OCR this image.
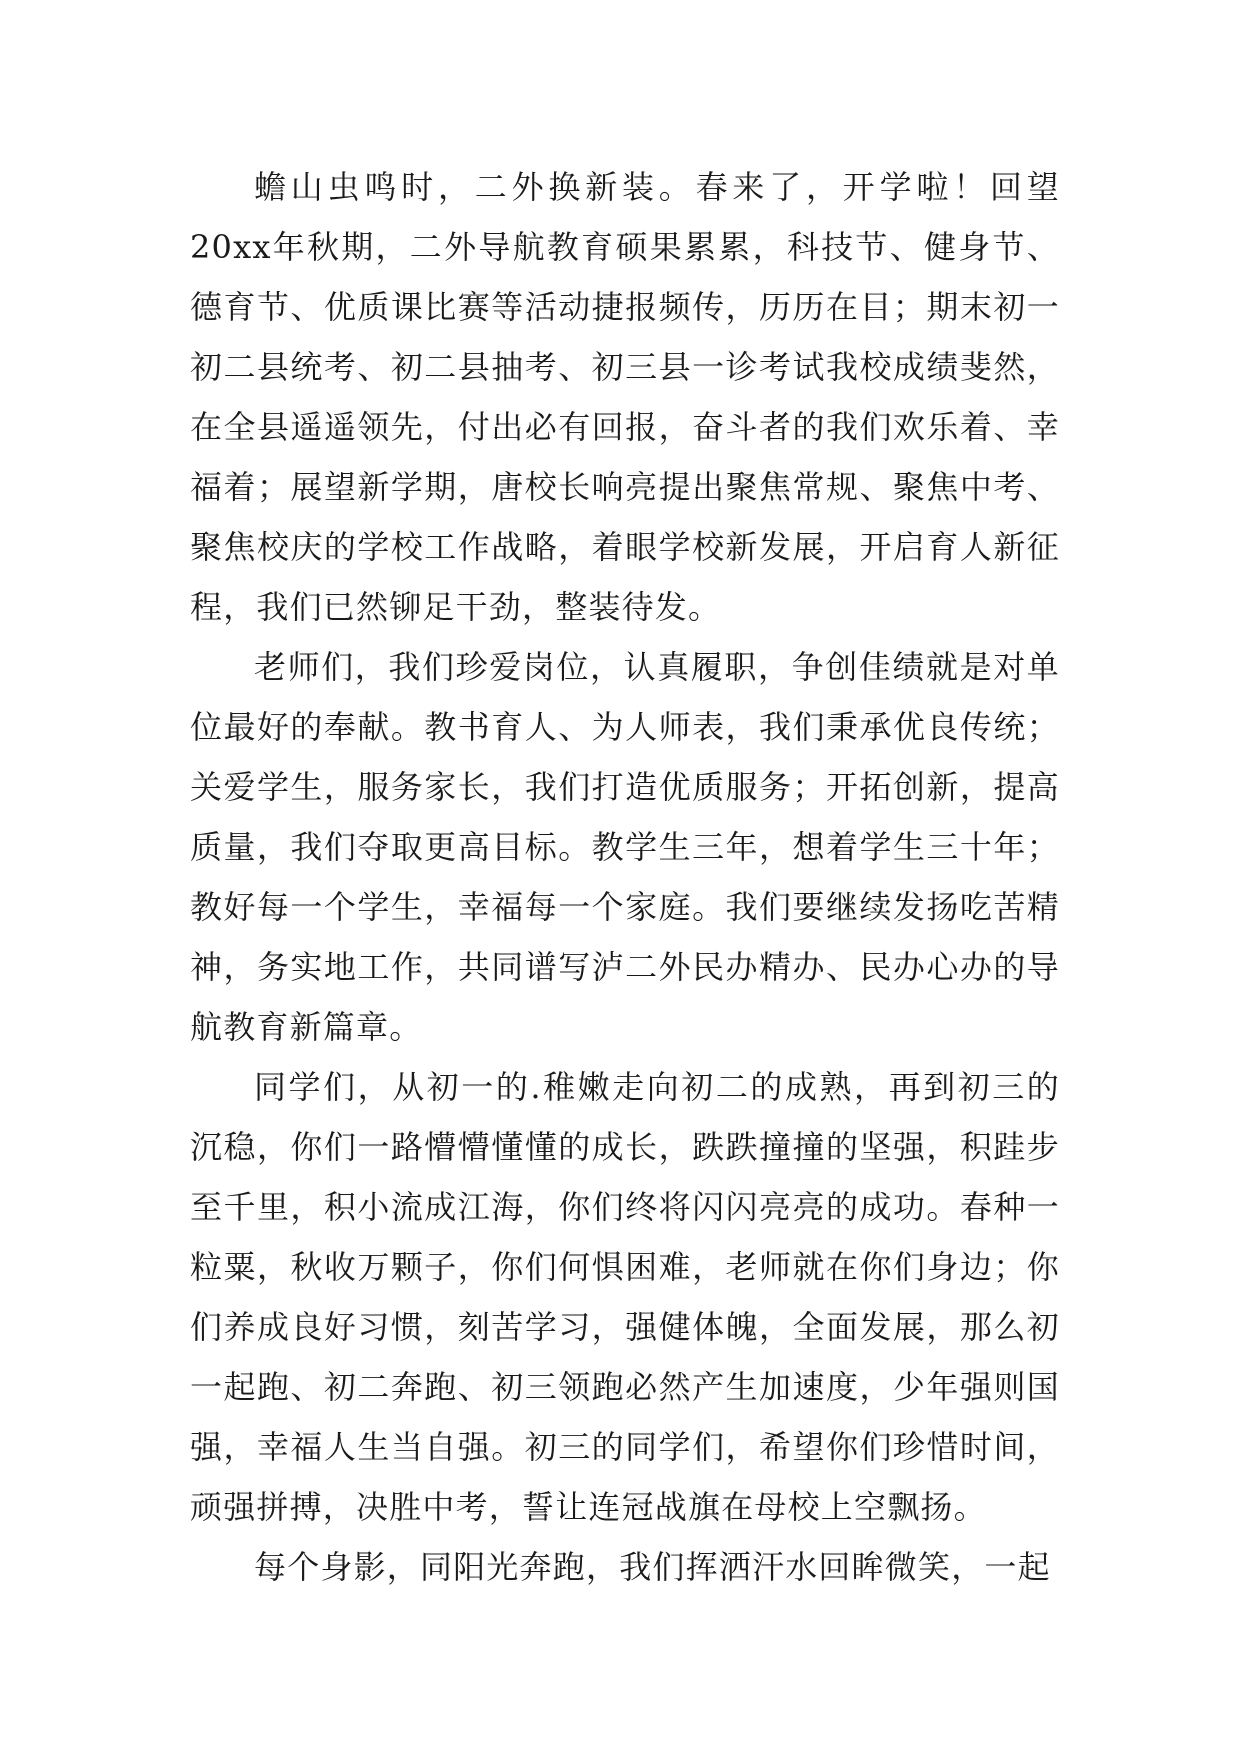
蟾山虫鸣时，二外换新装。春来了，开学啦！回望20xx年秋期，二外导航教育硕果累累，科技节、健身节、德育节、优质课比赛等活动捷报频传，历历在目；期末初一初二县统考、初二县抽考、初三县一诊考试我校成绩斐然，在全县遥遥领先，付出必有回报，奋斗者的我们欢乐着、幸福着；展望新学期，唐校长响亮提出聚焦常规、聚焦中考、聚焦校庆的学校工作战略，着眼学校新发展，开启育人新征程，我们已然铆足干劲，整装待发。

老师们，我们珍爱岗位，认真履职，争创佳绩就是对单位最好的奉献。教书育人、为人师表，我们秉承优良传统；关爱学生，服务家长，我们打造优质服务；开拓创新，提高质量，我们夺取更高目标。教学生三年，想着学生三十年；教好每一个学生，幸福每一个家庭。我们要继续发扬吃苦精神，务实地工作，共同谱写泸二外民办精办、民办心办的导航教育新篇章。

同学们，从初一的.稚嫩走向初二的成熟，再到初三的沉稳，你们一路懵懵懂懂的成长，跌跌撞撞的坚强，积跬步至千里，积小流成江海，你们终将闪闪亮亮的成功。春种一粒粟，秋收万颗子，你们何惧困难，老师就在你们身边；你们养成良好习惯，刻苦学习，强健体魄，全面发展，那么初一起跑、初二奔跑、初三领跑必然产生加速度，少年强则国强，幸福人生当自强。初三的同学们，希望你们珍惜时间，顽强拼搏，决胜中考，誓让连冠战旗在母校上空飘扬。

每个身影，同阳光奔跑，我们挥洒汗水回眸微笑，一起
